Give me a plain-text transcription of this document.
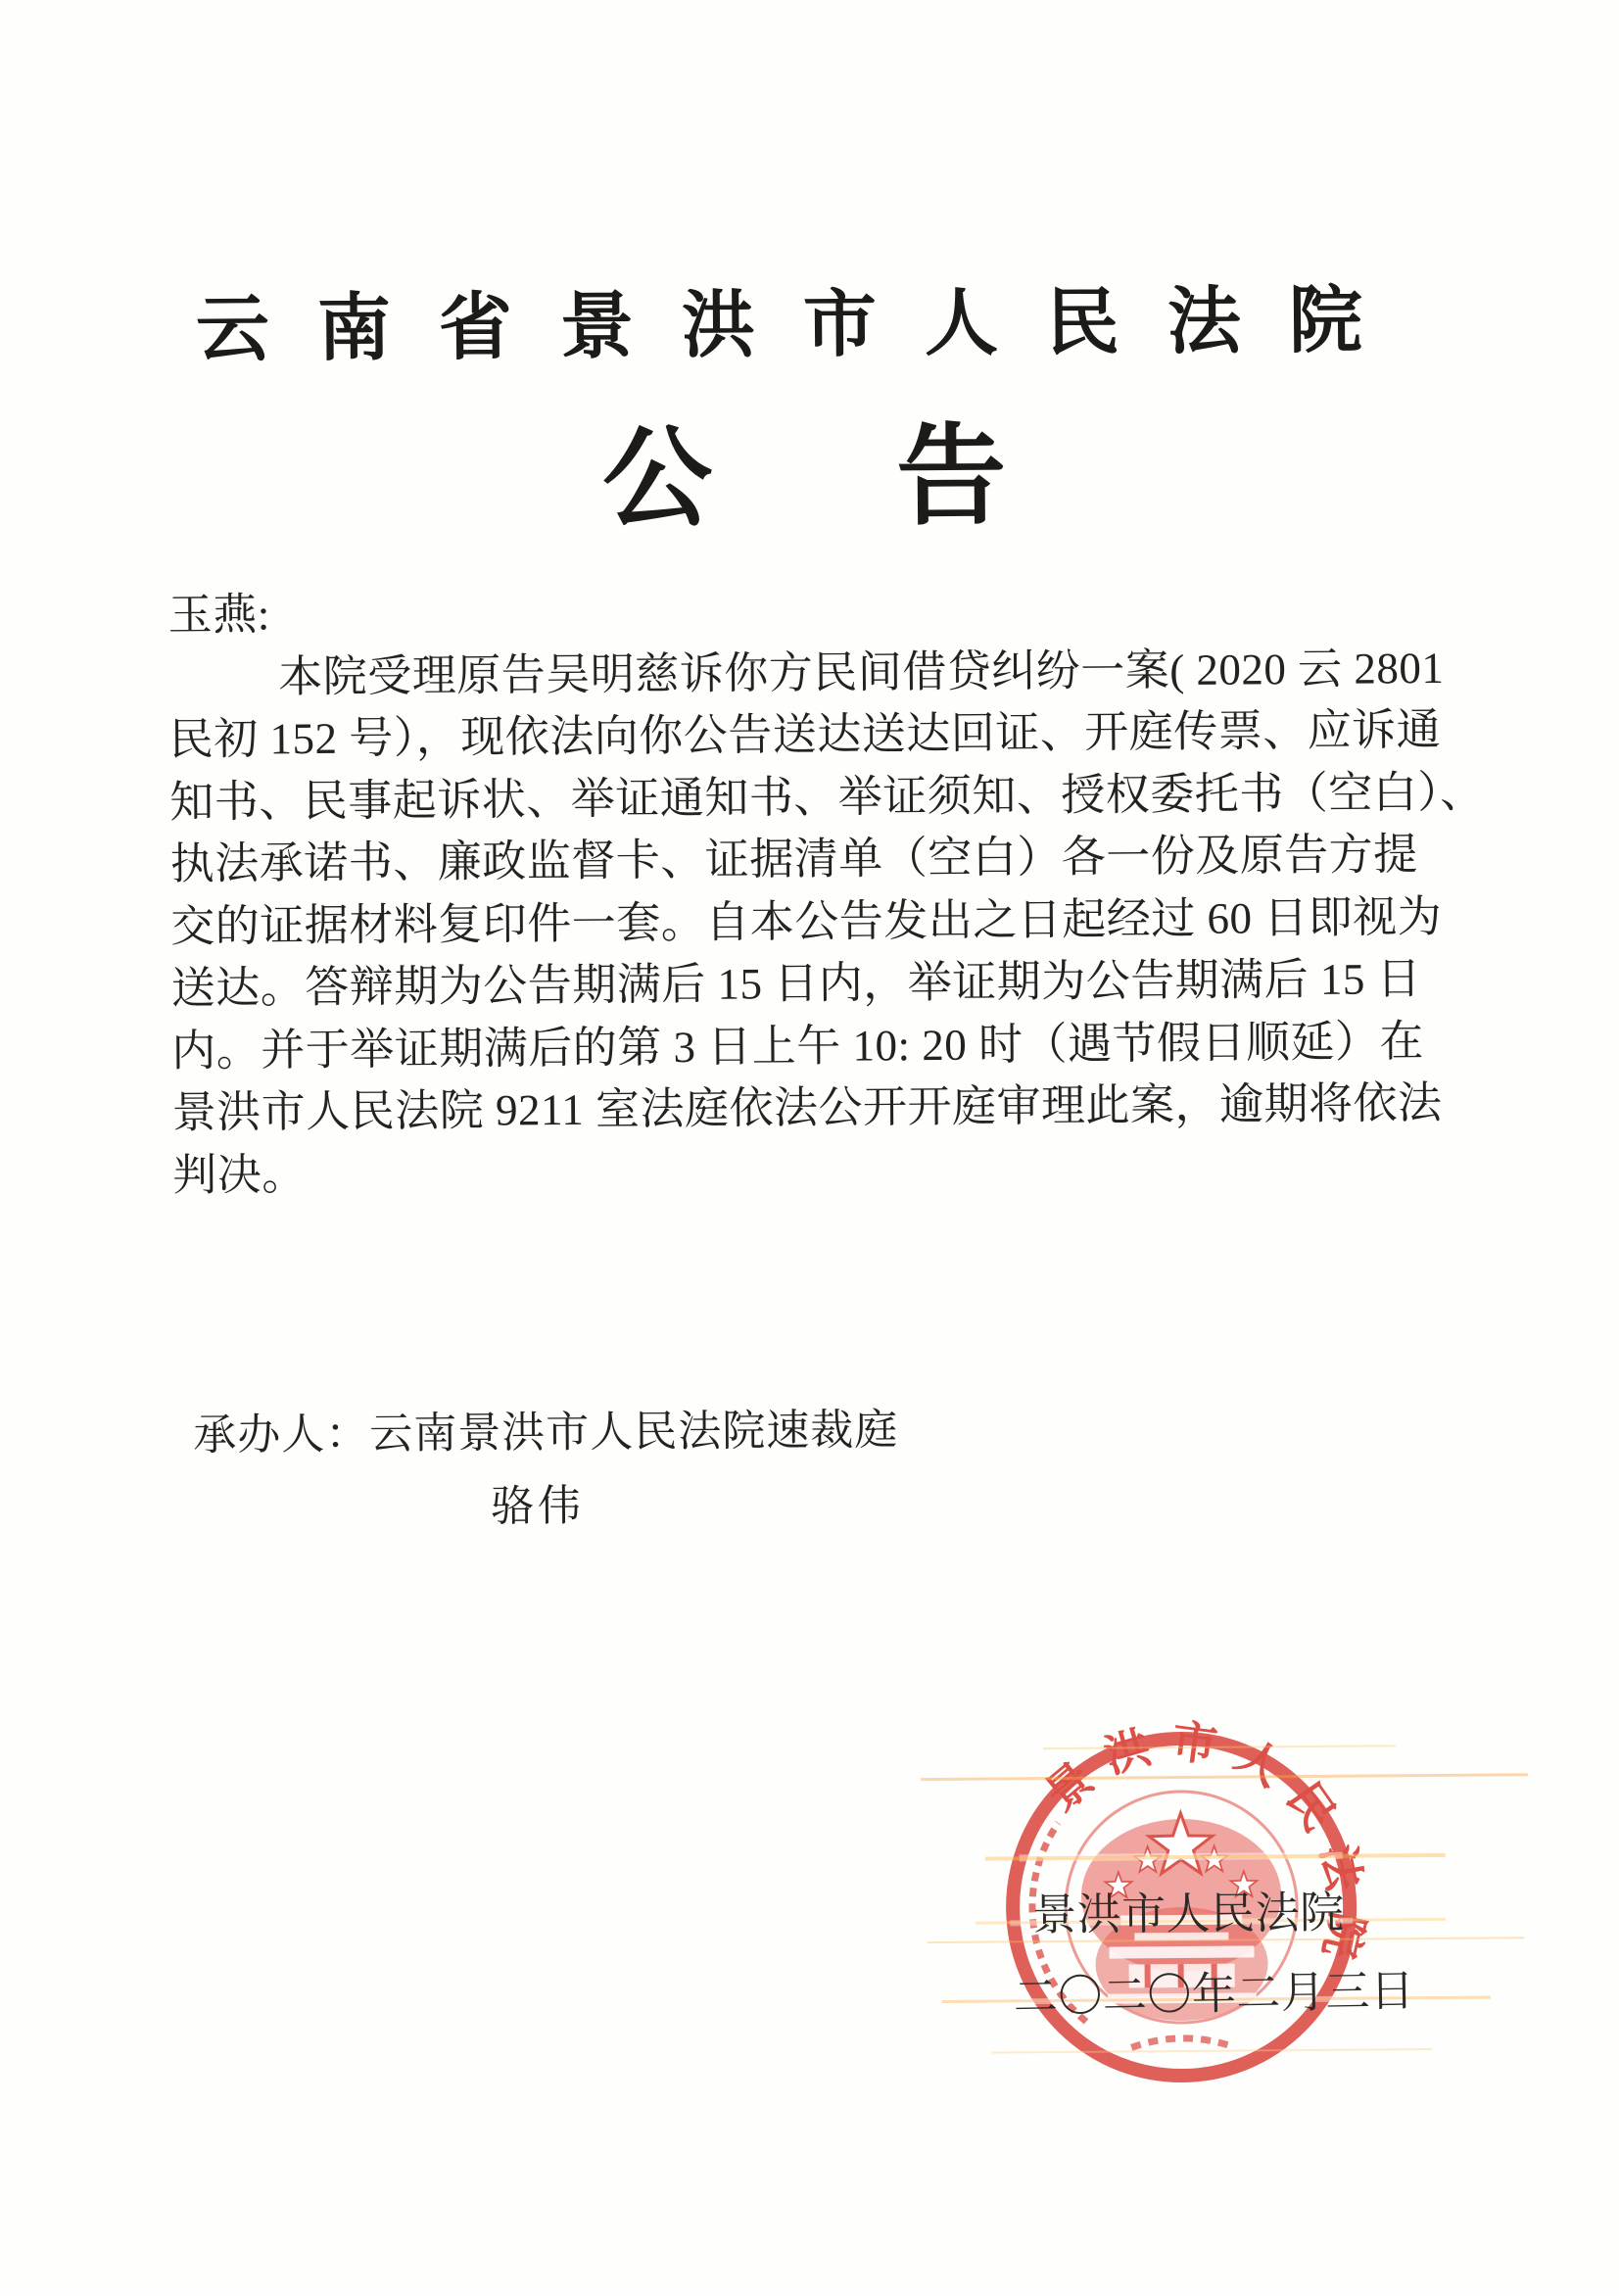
云南省景洪市人民法院
公告
玉燕:
本院受理原告吴明慈诉你方民间借贷纠纷一案( 2020 云 2801
民初 152 号），现依法向你公告送达送达回证、开庭传票、应诉通
知书、民事起诉状、举证通知书、举证须知、授权委托书（空白）、
执法承诺书、廉政监督卡、证据清单（空白）各一份及原告方提
交的证据材料复印件一套。自本公告发出之日起经过 60 日即视为
送达。答辩期为公告期满后 15 日内，举证期为公告期满后 15 日
内。并于举证期满后的第 3 日上午 10: 20 时（遇节假日顺延）在
景洪市人民法院 9211 室法庭依法公开开庭审理此案，逾期将依法
判决。
承办人：云南景洪市人民法院速裁庭
骆伟
景洪市人民法院
景洪市人民法院
二〇二〇年二月三日
